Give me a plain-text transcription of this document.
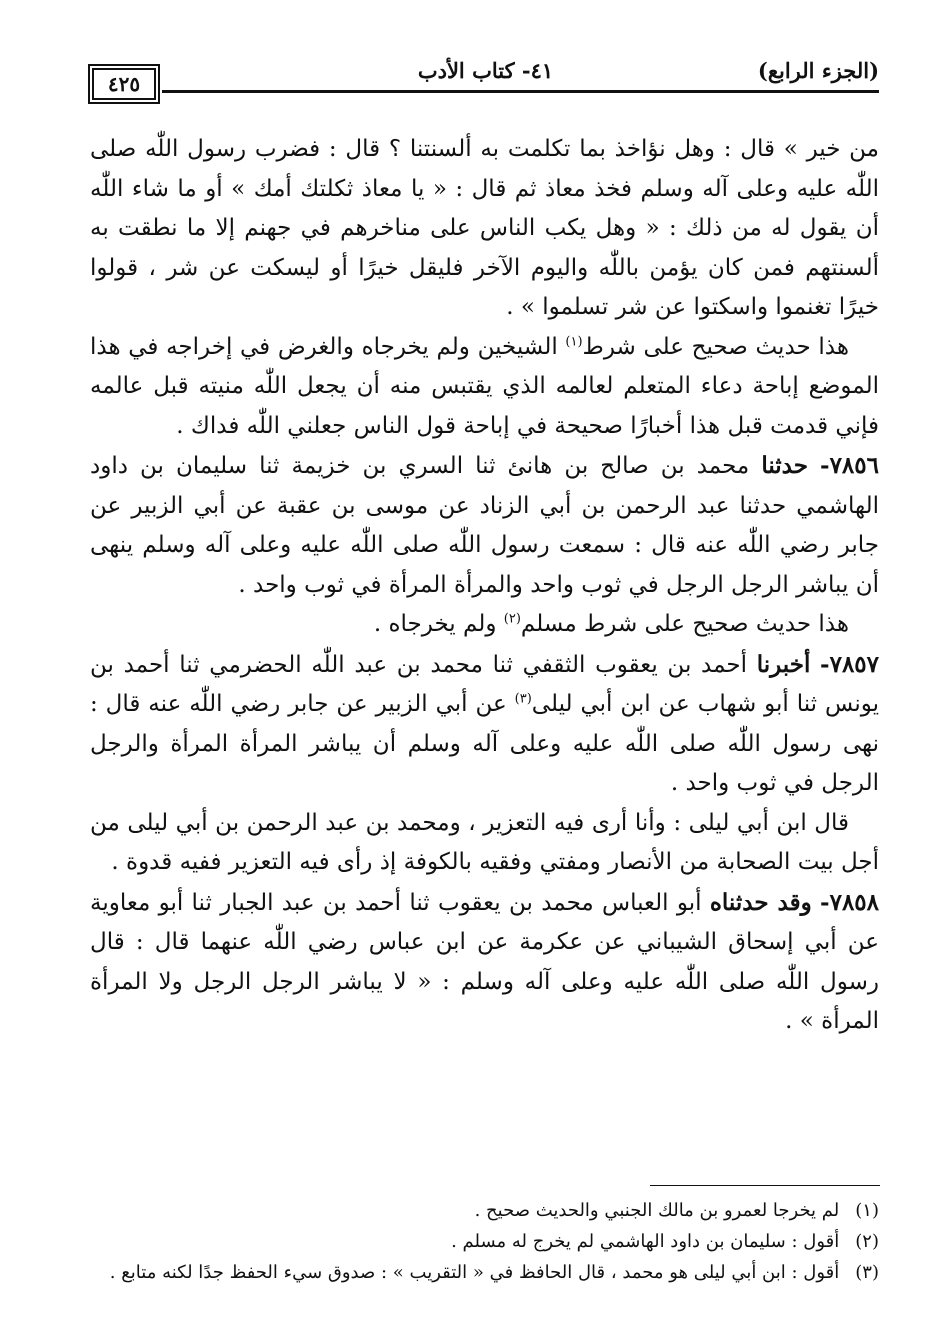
(الجزء الرابع)
٤١- كتاب الأدب
٤٢٥

من خير » قال : وهل نؤاخذ بما تكلمت به ألسنتنا ؟ قال : فضرب رسول اللّٰه صلى اللّٰه عليه وعلى آله وسلم فخذ معاذ ثم قال : « يا معاذ ثكلتك أمك » أو ما شاء اللّٰه أن يقول له من ذلك : « وهل يكب الناس على مناخرهم في جهنم إلا ما نطقت به ألسنتهم فمن كان يؤمن باللّٰه واليوم الآخر فليقل خيرًا أو ليسكت عن شر ، قولوا خيرًا تغنموا واسكتوا عن شر تسلموا » .

هذا حديث صحيح على شرط$^{(١)}$ الشيخين ولم يخرجاه والغرض في إخراجه في هذا الموضع إباحة دعاء المتعلم لعالمه الذي يقتبس منه أن يجعل اللّٰه منيته قبل عالمه فإني قدمت قبل هذا أخبارًا صحيحة في إباحة قول الناس جعلني اللّٰه فداك .

٧٨٥٦- حدثنا محمد بن صالح بن هانئ ثنا السري بن خزيمة ثنا سليمان بن داود الهاشمي حدثنا عبد الرحمن بن أبي الزناد عن موسى بن عقبة عن أبي الزبير عن جابر رضي اللّٰه عنه قال : سمعت رسول اللّٰه صلى اللّٰه عليه وعلى آله وسلم ينهى أن يباشر الرجل الرجل في ثوب واحد والمرأة المرأة في ثوب واحد .

هذا حديث صحيح على شرط مسلم$^{(٢)}$ ولم يخرجاه .

٧٨٥٧- أخبرنا أحمد بن يعقوب الثقفي ثنا محمد بن عبد اللّٰه الحضرمي ثنا أحمد بن يونس ثنا أبو شهاب عن ابن أبي ليلى$^{(٣)}$ عن أبي الزبير عن جابر رضي اللّٰه عنه قال : نهى رسول اللّٰه صلى اللّٰه عليه وعلى آله وسلم أن يباشر المرأة المرأة والرجل الرجل في ثوب واحد .

قال ابن أبي ليلى : وأنا أرى فيه التعزير ، ومحمد بن عبد الرحمن بن أبي ليلى من أجل بيت الصحابة من الأنصار ومفتي وفقيه بالكوفة إذ رأى فيه التعزير ففيه قدوة .

٧٨٥٨- وقد حدثناه أبو العباس محمد بن يعقوب ثنا أحمد بن عبد الجبار ثنا أبو معاوية عن أبي إسحاق الشيباني عن عكرمة عن ابن عباس رضي اللّٰه عنهما قال : قال رسول اللّٰه صلى اللّٰه عليه وعلى آله وسلم : « لا يباشر الرجل الرجل ولا المرأة المرأة » .

(١) لم يخرجا لعمرو بن مالك الجنبي والحديث صحيح .

(٢) أقول : سليمان بن داود الهاشمي لم يخرج له مسلم .

(٣) أقول : ابن أبي ليلى هو محمد ، قال الحافظ في « التقريب » : صدوق سيء الحفظ جدًا لكنه متابع .
